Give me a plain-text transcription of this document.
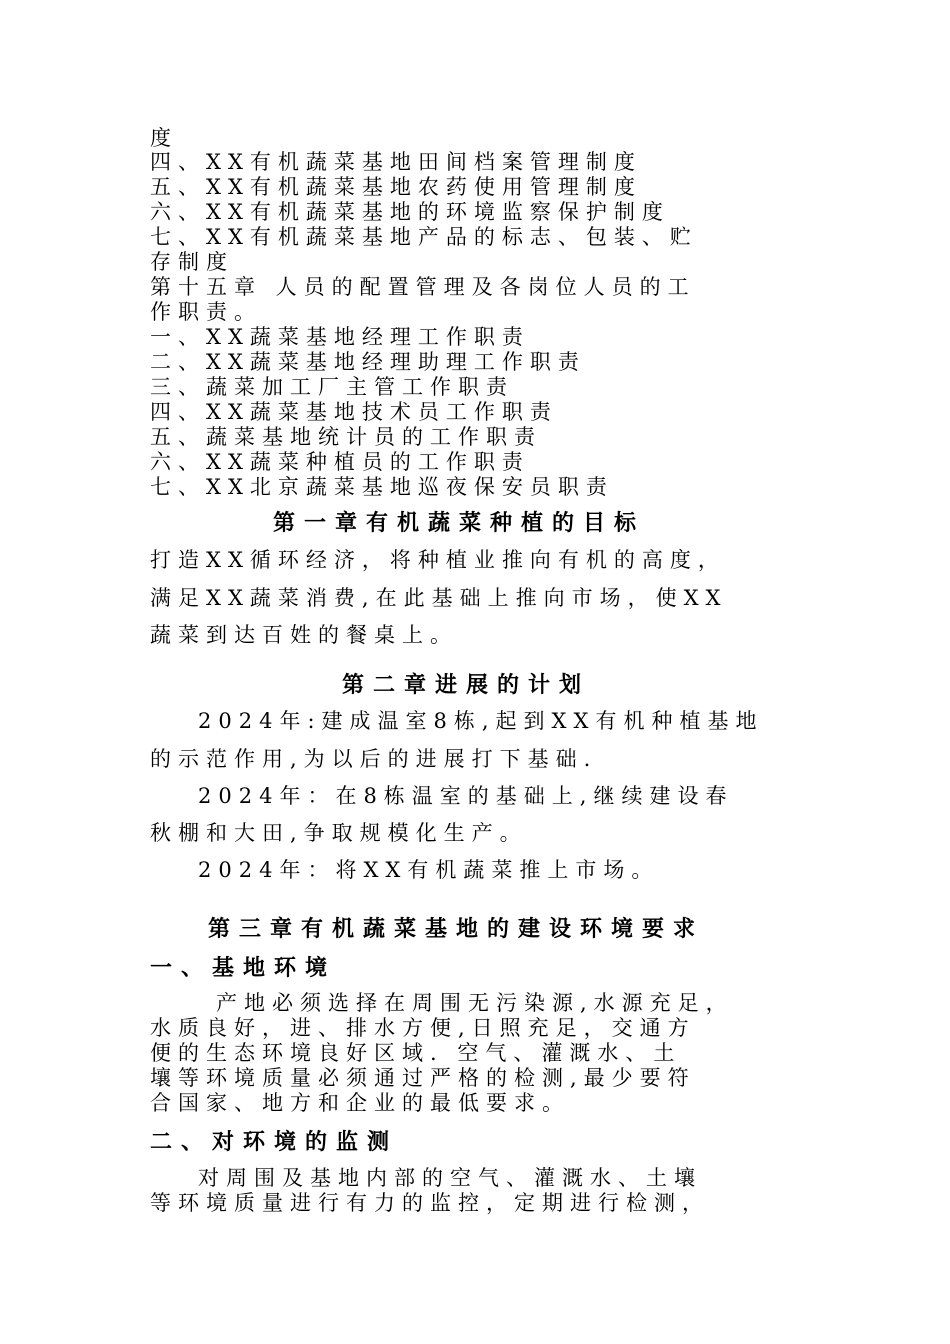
度
四、XX有机蔬菜基地田间档案管理制度
五、XX有机蔬菜基地农药使用管理制度
六、XX有机蔬菜基地的环境监察保护制度
七、XX有机蔬菜基地产品的标志、包装、贮
存制度
第十五章 人员的配置管理及各岗位人员的工
作职责。
一、XX蔬菜基地经理工作职责
二、XX蔬菜基地经理助理工作职责
三、蔬菜加工厂主管工作职责
四、XX蔬菜基地技术员工作职责
五、蔬菜基地统计员的工作职责
六、XX蔬菜种植员的工作职责
七、XX北京蔬菜基地巡夜保安员职责
第一章有机蔬菜种植的目标
打造XX循环经济，将种植业推向有机的高度，
满足XX蔬菜消费,在此基础上推向市场，使XX
蔬菜到达百姓的餐桌上。
第二章进展的计划
2024年:建成温室8栋,起到XX有机种植基地
的示范作用,为以后的进展打下基础.
2024年：在8栋温室的基础上,继续建设春
秋棚和大田,争取规模化生产。
2024年：将XX有机蔬菜推上市场。
第三章有机蔬菜基地的建设环境要求
一、基地环境
产地必须选择在周围无污染源,水源充足，
水质良好，进、排水方便,日照充足，交通方
便的生态环境良好区域. 空气、灌溉水、土
壤等环境质量必须通过严格的检测,最少要符
合国家、地方和企业的最低要求。
二、对环境的监测
对周围及基地内部的空气、灌溉水、土壤
等环境质量进行有力的监控，定期进行检测，
